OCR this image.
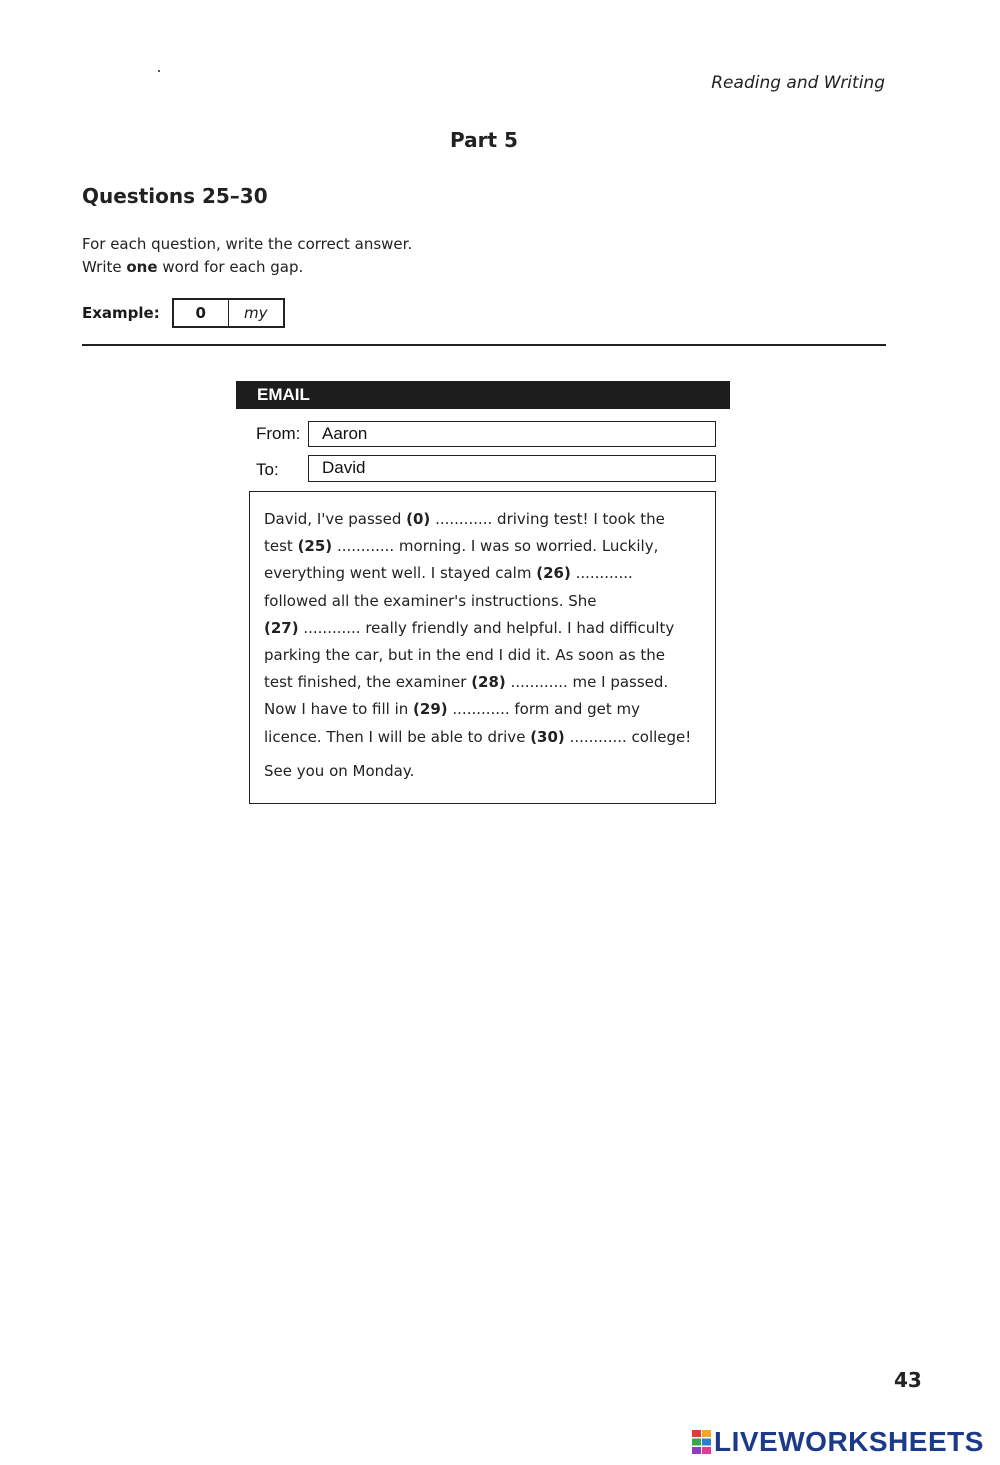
Reading and Writing
Part 5
Questions 25–30
For each question, write the correct answer.
Write one word for each gap.
Example:	0	my
EMAIL
From:	Aaron
To:	David
David, I've passed (0) ............ driving test! I took the
test (25) ............ morning. I was so worried. Luckily,
everything went well. I stayed calm (26) ............
followed all the examiner's instructions. She
(27) ............ really friendly and helpful. I had difficulty
parking the car, but in the end I did it. As soon as the
test finished, the examiner (28) ............ me I passed.
Now I have to fill in (29) ............ form and get my
licence. Then I will be able to drive (30) ............ college!
See you on Monday.
43
LIVEWORKSHEETS
